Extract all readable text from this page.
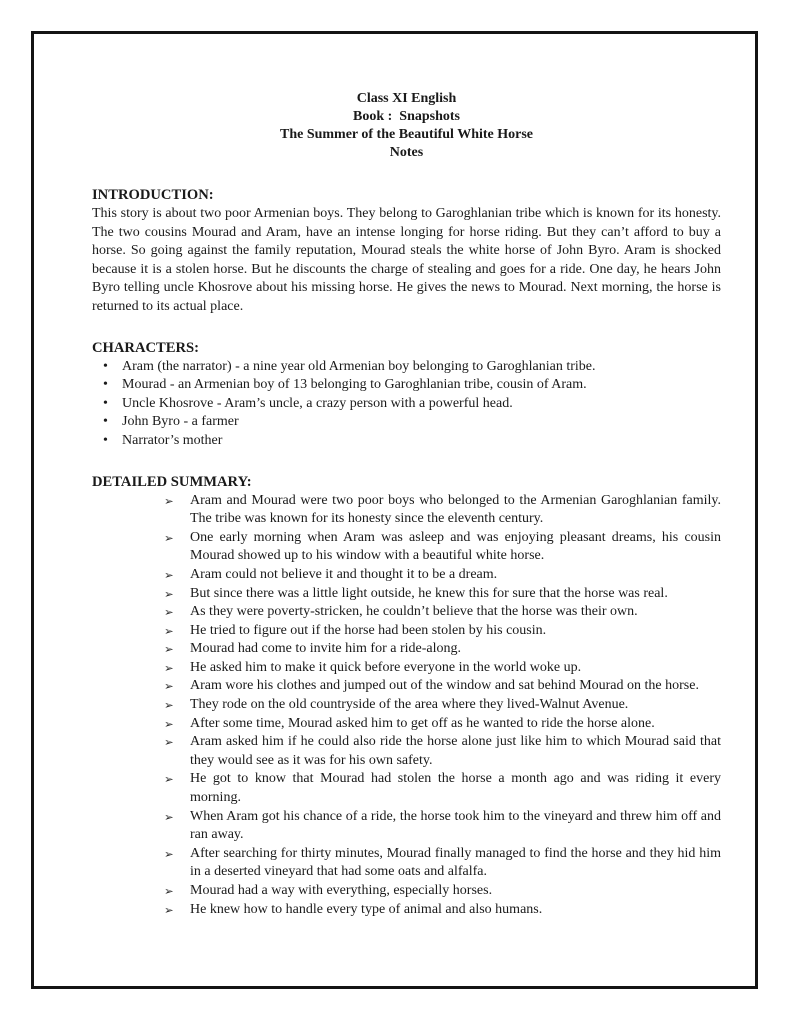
Class XI English
Book :  Snapshots
The Summer of the Beautiful White Horse
Notes
INTRODUCTION:

This story is about two poor Armenian boys. They belong to Garoghlanian tribe which is known for its honesty. The two cousins Mourad and Aram, have an intense longing for horse riding. But they can’t afford to buy a horse. So going against the family reputation, Mourad steals the white horse of John Byro. Aram is shocked because it is a stolen horse. But he discounts the charge of stealing and goes for a ride. One day, he hears John Byro telling uncle Khosrove about his missing horse. He gives the news to Mourad. Next morning, the horse is returned to its actual place.

CHARACTERS:
•	Aram (the narrator) - a nine year old Armenian boy belonging to Garoghlanian tribe.
•	Mourad - an Armenian boy of 13 belonging to Garoghlanian tribe, cousin of Aram.
•	Uncle Khosrove - Aram’s uncle, a crazy person with a powerful head.
•	John Byro - a farmer
•	Narrator’s mother
DETAILED SUMMARY:
➢	Aram and Mourad were two poor boys who belonged to the Armenian Garoghlanian family. The tribe was known for its honesty since the eleventh century.
➢	One early morning when Aram was asleep and was enjoying pleasant dreams, his cousin Mourad showed up to his window with a beautiful white horse.
➢	Aram could not believe it and thought it to be a dream.
➢	But since there was a little light outside, he knew this for sure that the horse was real.
➢	As they were poverty-stricken, he couldn’t believe that the horse was their own.
➢	He tried to figure out if the horse had been stolen by his cousin.
➢	Mourad had come to invite him for a ride-along.
➢	He asked him to make it quick before everyone in the world woke up.
➢	Aram wore his clothes and jumped out of the window and sat behind Mourad on the horse.
➢	They rode on the old countryside of the area where they lived-Walnut Avenue.
➢	After some time, Mourad asked him to get off as he wanted to ride the horse alone.
➢	Aram asked him if he could also ride the horse alone just like him to which Mourad said that they would see as it was for his own safety.
➢	He got to know that Mourad had stolen the horse a month ago and was riding it every morning.
➢	When Aram got his chance of a ride, the horse took him to the vineyard and threw him off and ran away.
➢	After searching for thirty minutes, Mourad finally managed to find the horse and they hid him in a deserted vineyard that had some oats and alfalfa.
➢	Mourad had a way with everything, especially horses.
➢	He knew how to handle every type of animal and also humans.
